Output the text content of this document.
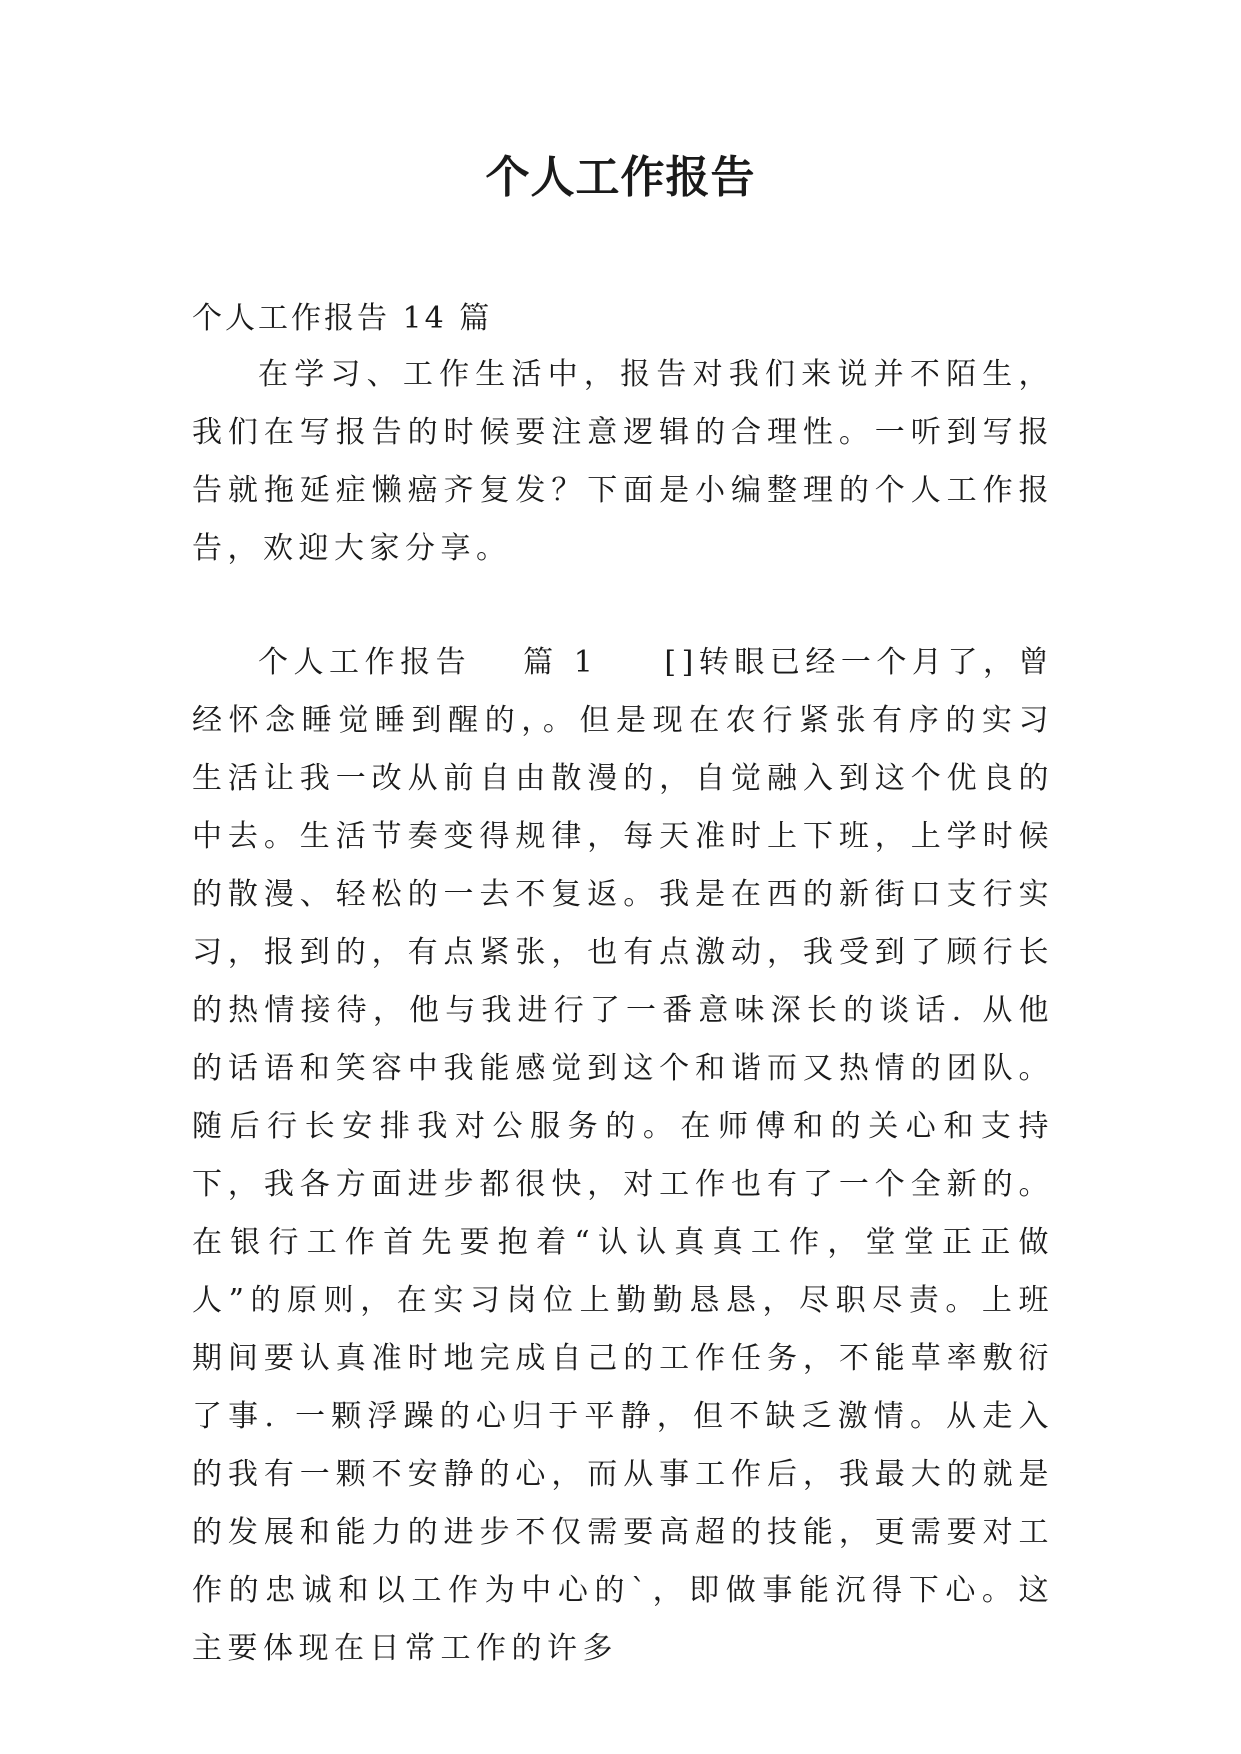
个人工作报告
个人工作报告 14 篇

在学习、工作生活中，报告对我们来说并不陌生，我们在写报告的时候要注意逻辑的合理性。一听到写报告就拖延症懒癌齐复发？下面是小编整理的个人工作报告，欢迎大家分享。

个人工作报告 篇 1 []转眼已经一个月了，曾经怀念睡觉睡到醒的，。但是现在农行紧张有序的实习生活让我一改从前自由散漫的，自觉融入到这个优良的中去。生活节奏变得规律，每天准时上下班，上学时候的散漫、轻松的一去不复返。我是在西的新街口支行实习，报到的，有点紧张，也有点激动，我受到了顾行长的热情接待，他与我进行了一番意味深长的谈话. 从他的话语和笑容中我能感觉到这个和谐而又热情的团队。随后行长安排我对公服务的。在师傅和的关心和支持下，我各方面进步都很快，对工作也有了一个全新的。在银行工作首先要抱着“认认真真工作，堂堂正正做人”的原则，在实习岗位上勤勤恳恳，尽职尽责。上班期间要认真准时地完成自己的工作任务，不能草率敷衍了事. 一颗浮躁的心归于平静，但不缺乏激情。从走入的我有一颗不安静的心，而从事工作后，我最大的就是的发展和能力的进步不仅需要高超的技能，更需要对工作的忠诚和以工作为中心的`，即做事能沉得下心。这主要体现在日常工作的许多
